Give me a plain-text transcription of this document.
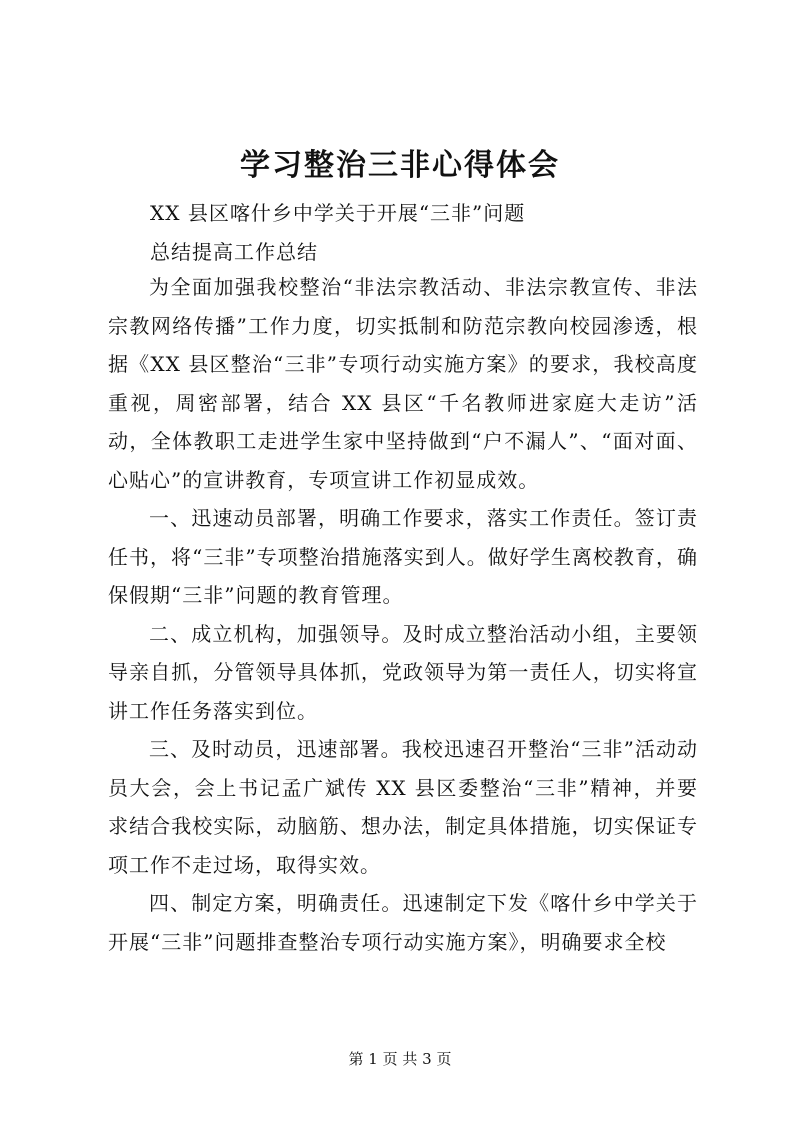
学习整治三非心得体会

XX 县区喀什乡中学关于开展“三非”问题

总结提高工作总结

为全面加强我校整治“非法宗教活动、非法宗教宣传、非法宗教网络传播”工作力度，切实抵制和防范宗教向校园渗透，根据《XX 县区整治“三非”专项行动实施方案》的要求，我校高度重视，周密部署，结合 XX 县区“千名教师进家庭大走访”活动，全体教职工走进学生家中坚持做到“户不漏人”、“面对面、心贴心”的宣讲教育，专项宣讲工作初显成效。

一、迅速动员部署，明确工作要求，落实工作责任。签订责任书，将“三非”专项整治措施落实到人。做好学生离校教育，确保假期“三非”问题的教育管理。

二、成立机构，加强领导。及时成立整治活动小组，主要领导亲自抓，分管领导具体抓，党政领导为第一责任人，切实将宣讲工作任务落实到位。

三、及时动员，迅速部署。我校迅速召开整治“三非”活动动员大会，会上书记孟广斌传 XX 县区委整治“三非”精神，并要求结合我校实际，动脑筋、想办法，制定具体措施，切实保证专项工作不走过场，取得实效。

四、制定方案，明确责任。迅速制定下发《喀什乡中学关于开展“三非”问题排查整治专项行动实施方案》，明确要求全校

第 1 页 共 3 页
